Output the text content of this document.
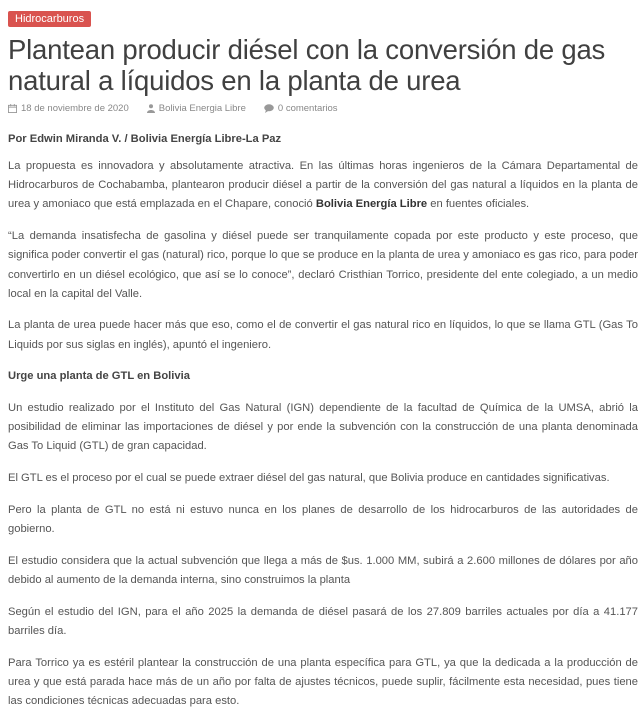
Hidrocarburos
Plantean producir diésel con la conversión de gas natural a líquidos en la planta de urea
18 de noviembre de 2020	Bolivia Energia Libre	0 comentarios
Por Edwin Miranda V. / Bolivia Energía Libre-La Paz

La propuesta es innovadora y absolutamente atractiva. En las últimas horas ingenieros de la Cámara Departamental de Hidrocarburos de Cochabamba, plantearon producir diésel a partir de la conversión del gas natural a líquidos en la planta de urea y amoniaco que está emplazada en el Chapare, conoció Bolivia Energía Libre en fuentes oficiales.

“La demanda insatisfecha de gasolina y diésel puede ser tranquilamente copada por este producto y este proceso, que significa poder convertir el gas (natural) rico, porque lo que se produce en la planta de urea y amoniaco es gas rico, para poder convertirlo en un diésel ecológico, que así se lo conoce”, declaró Cristhian Torrico, presidente del ente colegiado, a un medio local en la capital del Valle.

La planta de urea puede hacer más que eso, como el de convertir el gas natural rico en líquidos, lo que se llama GTL (Gas To Liquids por sus siglas en inglés), apuntó el ingeniero.

Urge una planta de GTL en Bolivia

Un estudio realizado por el Instituto del Gas Natural (IGN) dependiente de la facultad de Química de la UMSA, abrió la posibilidad de eliminar las importaciones de diésel y por ende la subvención con la construcción de una planta denominada Gas To Liquid (GTL) de gran capacidad.

El GTL es el proceso por el cual se puede extraer diésel del gas natural, que Bolivia produce en cantidades significativas.

Pero la planta de GTL no está ni estuvo nunca en los planes de desarrollo de los hidrocarburos de las autoridades de gobierno.

El estudio considera que la actual subvención que llega a más de $us. 1.000 MM, subirá a 2.600 millones de dólares por año debido al aumento de la demanda interna, sino construimos la planta

Según el estudio del IGN, para el año 2025 la demanda de diésel pasará de los 27.809 barriles actuales por día a 41.177 barriles día.

Para Torrico ya es estéril plantear la construcción de una planta específica para GTL, ya que la dedicada a la producción de urea y que está parada hace más de un año por falta de ajustes técnicos, puede suplir, fácilmente esta necesidad, pues tiene las condiciones técnicas adecuadas para esto.
